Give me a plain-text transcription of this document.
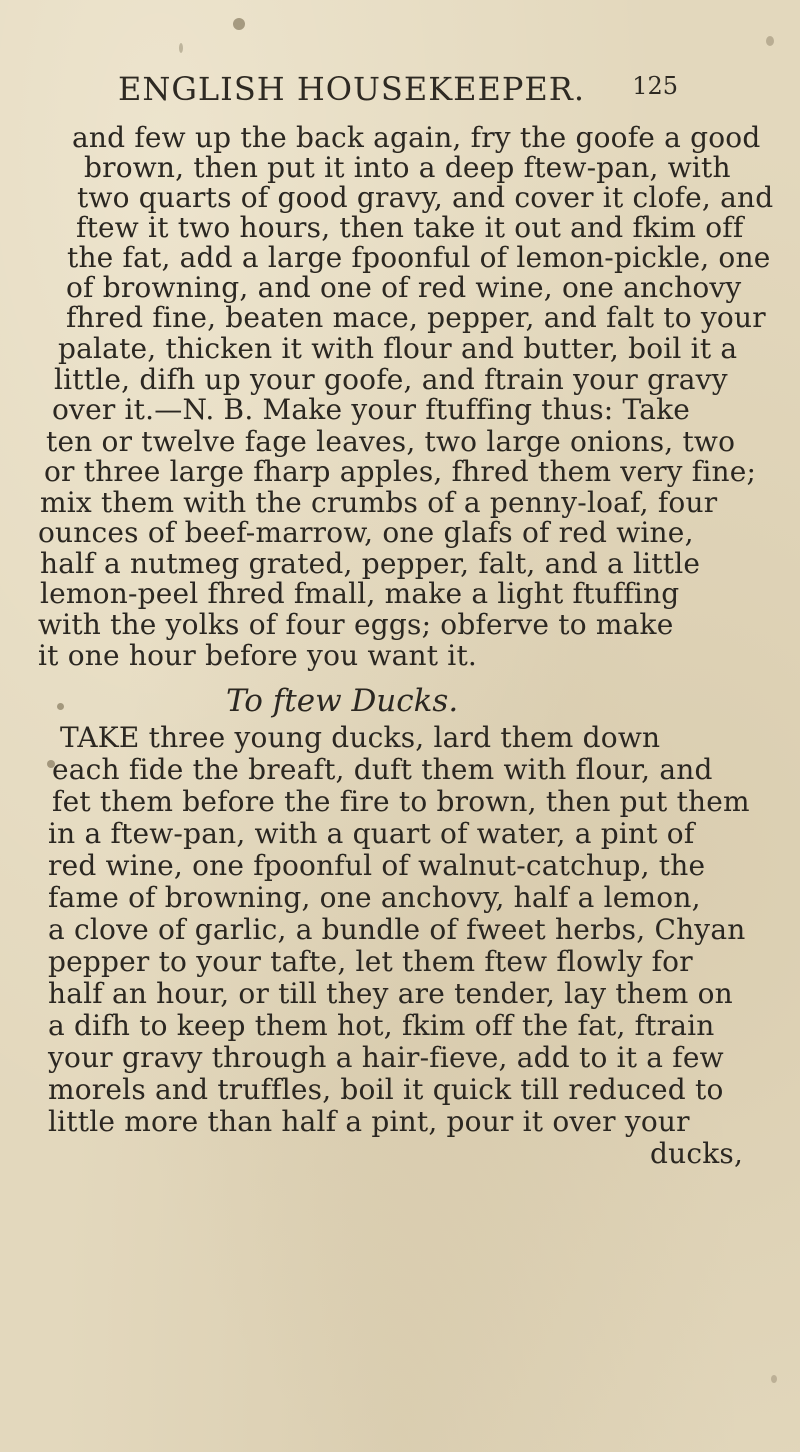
ENGLISH HOUSEKEEPER. 125
and few up the back again, fry the goofe a good
brown, then put it into a deep ftew-pan, with
two quarts of good gravy, and cover it clofe, and
ftew it two hours, then take it out and fkim off
the fat, add a large fpoonful of lemon-pickle, one
of browning, and one of red wine, one anchovy
fhred fine, beaten mace, pepper, and falt to your
palate, thicken it with flour and butter, boil it a
little, difh up your goofe, and ftrain your gravy
over it.—N. B. Make your ftuffing thus: Take
ten or twelve fage leaves, two large onions, two
or three large fharp apples, fhred them very fine;
mix them with the crumbs of a penny-loaf, four
ounces of beef-marrow, one glafs of red wine,
half a nutmeg grated, pepper, falt, and a little
lemon-peel fhred fmall, make a light ftuffing
with the yolks of four eggs; obferve to make
it one hour before you want it.
To ftew Ducks.
TAKE three young ducks, lard them down
each fide the breaft, duft them with flour, and
fet them before the fire to brown, then put them
in a ftew-pan, with a quart of water, a pint of
red wine, one fpoonful of walnut-catchup, the
fame of browning, one anchovy, half a lemon,
a clove of garlic, a bundle of fweet herbs, Chyan
pepper to your tafte, let them ftew flowly for
half an hour, or till they are tender, lay them on
a difh to keep them hot, fkim off the fat, ftrain
your gravy through a hair-fieve, add to it a few
morels and truffles, boil it quick till reduced to
little more than half a pint, pour it over your
ducks,
